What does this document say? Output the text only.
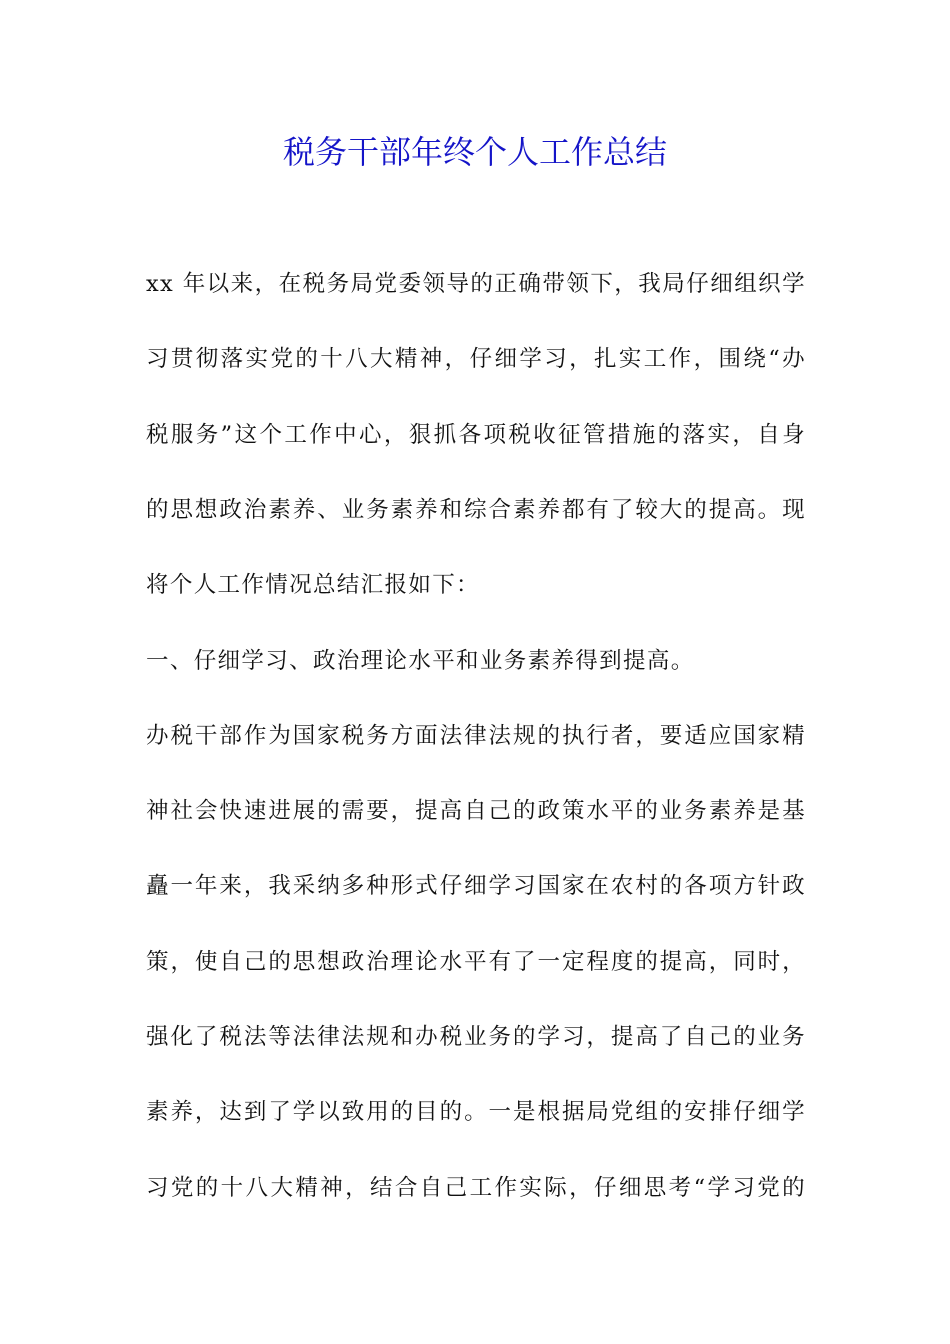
税务干部年终个人工作总结

xx 年以来，在税务局党委领导的正确带领下，我局仔细组织学

习贯彻落实党的十八大精神，仔细学习，扎实工作，围绕“办

税服务”这个工作中心，狠抓各项税收征管措施的落实，自身

的思想政治素养、业务素养和综合素养都有了较大的提高。现

将个人工作情况总结汇报如下：

一、仔细学习、政治理论水平和业务素养得到提高。

办税干部作为国家税务方面法律法规的执行者，要适应国家精

神社会快速进展的需要，提高自己的政策水平的业务素养是基

矗一年来，我采纳多种形式仔细学习国家在农村的各项方针政

策，使自己的思想政治理论水平有了一定程度的提高，同时，

强化了税法等法律法规和办税业务的学习，提高了自己的业务

素养，达到了学以致用的目的。一是根据局党组的安排仔细学

习党的十八大精神，结合自己工作实际，仔细思考“学习党的
